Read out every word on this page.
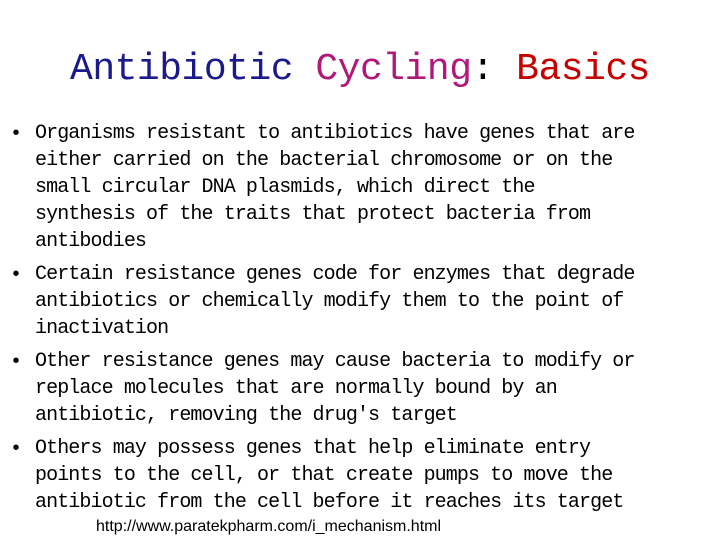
Antibiotic Cycling: Basics
• Organisms resistant to antibiotics have genes that are
either carried on the bacterial chromosome or on the
small circular DNA plasmids, which direct the
synthesis of the traits that protect bacteria from
antibodies
• Certain resistance genes code for enzymes that degrade
antibiotics or chemically modify them to the point of
inactivation
• Other resistance genes may cause bacteria to modify or
replace molecules that are normally bound by an
antibiotic, removing the drug's target
• Others may possess genes that help eliminate entry
points to the cell, or that create pumps to move the
antibiotic from the cell before it reaches its target
http://www.paratekpharm.com/i_mechanism.html
